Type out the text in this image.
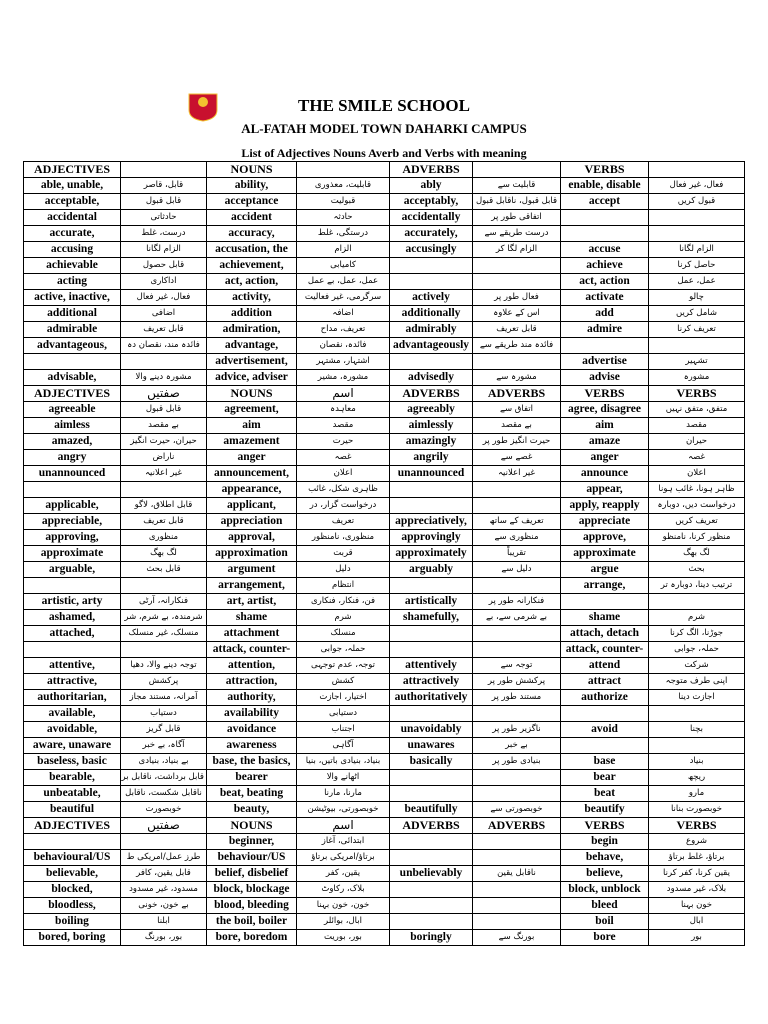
THE SMILE SCHOOL
AL-FATAH MODEL TOWN DAHARKI CAMPUS
List of Adjectives Nouns Averb and Verbs with meaning
ADJECTIVES		NOUNS		ADVERBS		VERBS	
able, unable,	قابل، قاصر	ability,	قابلیت، معذوری	ably	قابلیت سے	enable, disable	فعال، غیر فعال
acceptable,	قابل قبول	acceptance	قبولیت	acceptably,	قابل قبول، ناقابل قبول	accept	قبول کریں
accidental	حادثاتی	accident	حادثہ	accidentally	اتفاقی طور پر		
accurate,	درست، غلط	accuracy,	درستگی، غلط	accurately,	درست طریقے سے		
accusing	الزام لگانا	accusation, the	الزام	accusingly	الزام لگا کر	accuse	الزام لگانا
achievable	قابل حصول	achievement,	کامیابی			achieve	حاصل کرنا
acting	اداکاری	act, action,	عمل، عمل، بے عمل			act, action	عمل، عمل
active, inactive,	فعال، غیر فعال	activity,	سرگرمی، غیر فعالیت	actively	فعال طور پر	activate	چالو
additional	اضافی	addition	اضافہ	additionally	اس کے علاوہ	add	شامل کریں
admirable	قابل تعریف	admiration,	تعریف، مداح	admirably	قابل تعریف	admire	تعریف کرنا
advantageous,	فائدہ مند، نقصان دہ	advantage,	فائدہ، نقصان	advantageously	فائدہ مند طریقے سے		
		advertisement,	اشتہار، مشتہر			advertise	تشہیر
advisable,	مشورہ دینے والا	advice, adviser	مشورہ، مشیر	advisedly	مشورہ سے	advise	مشورہ
ADJECTIVES	صفتیں	NOUNS	اسم	ADVERBS	ADVERBS	VERBS	VERBS
agreeable	قابل قبول	agreement,	معاہدہ	agreeably	اتفاق سے	agree, disagree	متفق، متفق نہیں
aimless	بے مقصد	aim	مقصد	aimlessly	بے مقصد	aim	مقصد
amazed,	حیران، حیرت انگیز	amazement	حیرت	amazingly	حیرت انگیز طور پر	amaze	حیران
angry	ناراض	anger	غصہ	angrily	غصے سے	anger	غصہ
unannounced	غیر اعلانیہ	announcement,	اعلان	unannounced	غیر اعلانیہ	announce	اعلان
		appearance,	ظاہری شکل، غائب			appear,	ظاہر ہونا، غائب ہونا
applicable,	قابل اطلاق، لاگو	applicant,	درخواست گزار، در			apply, reapply	درخواست دیں، دوبارہ
appreciable,	قابل تعریف	appreciation	تعریف	appreciatively,	تعریف کے ساتھ	appreciate	تعریف کریں
approving,	منظوری	approval,	منظوری، نامنظور	approvingly	منظوری سے	approve,	منظور کرنا، نامنظو
approximate	لگ بھگ	approximation	قربت	approximately	تقریباً	approximate	لگ بھگ
arguable,	قابل بحث	argument	دلیل	arguably	دلیل سے	argue	بحث
		arrangement,	انتظام			arrange,	ترتیب دینا، دوبارہ تر
artistic, arty	فنکارانہ، آرٹی	art, artist,	فن، فنکار، فنکاری	artistically	فنکارانہ طور پر		
ashamed,	شرمندہ، بے شرم، شر	shame	شرم	shamefully,	بے شرمی سے، بے	shame	شرم
attached,	منسلک، غیر منسلک	attachment	منسلک			attach, detach	جوڑنا، الگ کرنا
		attack, counter-	حملہ، جوابی			attack, counter-	حملہ، جوابی
attentive,	توجہ دینے والا، دھیا	attention,	توجہ، عدم توجہی	attentively	توجہ سے	attend	شرکت
attractive,	پرکشش	attraction,	کشش	attractively	پرکشش طور پر	attract	اپنی طرف متوجہ
authoritarian,	آمرانہ، مستند مجاز	authority,	اختیار، اجازت	authoritatively	مستند طور پر	authorize	اجازت دینا
available,	دستیاب	availability	دستیابی				
avoidable,	قابل گریز	avoidance	اجتناب	unavoidably	ناگزیر طور پر	avoid	بچنا
aware, unaware	آگاہ، بے خبر	awareness	آگاہی	unawares	بے خبر		
baseless, basic	بے بنیاد، بنیادی	base, the basics,	بنیاد، بنیادی باتیں، بنیا	basically	بنیادی طور پر	base	بنیاد
bearable,	قابل برداشت، ناقابل بر	bearer	اٹھانے والا			bear	ریچھ
unbeatable,	ناقابل شکست، ناقابل	beat, beating	مارنا، مارنا			beat	مارو
beautiful	خوبصورت	beauty,	خوبصورتی، بیوٹیشن	beautifully	خوبصورتی سے	beautify	خوبصورت بنانا
ADJECTIVES	صفتیں	NOUNS	اسم	ADVERBS	ADVERBS	VERBS	VERBS
		beginner,	ابتدائی، آغاز			begin	شروع
behavioural/US	طرز عمل/امریکی ط	behaviour/US	برتاؤ/امریکی برتاؤ			behave,	برتاؤ، غلط برتاؤ
believable,	قابل یقین، کافر	belief, disbelief	یقین، کفر	unbelievably	ناقابل یقین	believe,	یقین کرنا، کفر کرنا
blocked,	مسدود، غیر مسدود	block, blockage	بلاک، رکاوٹ			block, unblock	بلاک، غیر مسدود
bloodless,	بے خون، خونی	blood, bleeding	خون، خون بہنا			bleed	خون بہنا
boiling	ابلنا	the boil, boiler	ابال، بوائلر			boil	ابال
bored, boring	بور، بورنگ	bore, boredom	بور، بوریت	boringly	بورنگ سے	bore	بور
